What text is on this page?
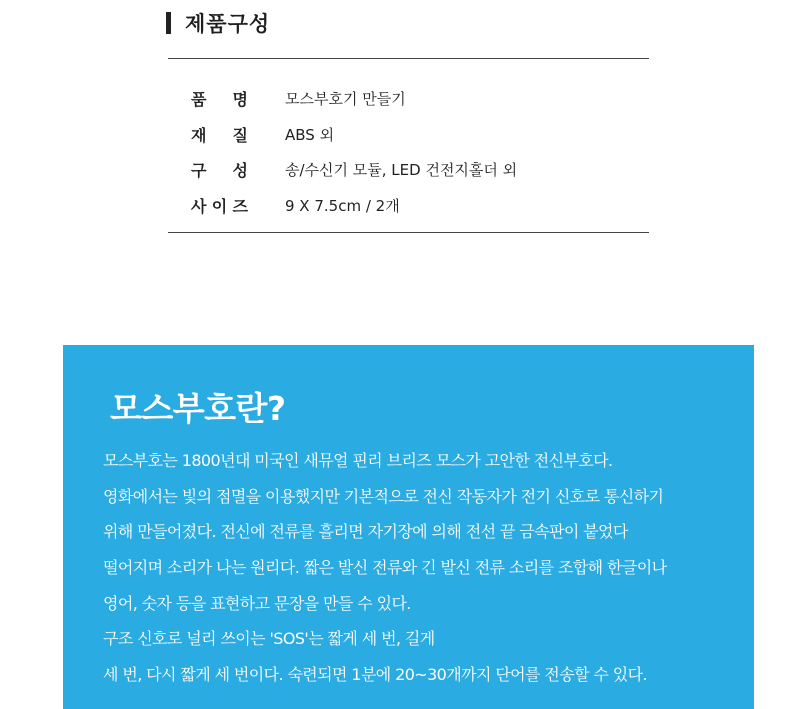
제품구성
품 명 모스부호기 만들기
재 질 ABS 외
구 성 송/수신기 모듈, LED 건전지홀더 외
사 이 즈 9 X 7.5cm / 2개
모스부호란?
모스부호는 1800년대 미국인 새뮤얼 핀리 브리즈 모스가 고안한 전신부호다.
영화에서는 빛의 점멸을 이용했지만 기본적으로 전신 작동자가 전기 신호로 통신하기
위해 만들어졌다. 전신에 전류를 흘리면 자기장에 의해 전선 끝 금속판이 붙었다
떨어지며 소리가 나는 원리다. 짧은 발신 전류와 긴 발신 전류 소리를 조합해 한글이나
영어, 숫자 등을 표현하고 문장을 만들 수 있다.
구조 신호로 널리 쓰이는 'SOS'는 짧게 세 번, 길게
세 번, 다시 짧게 세 번이다. 숙련되면 1분에 20~30개까지 단어를 전송할 수 있다.
